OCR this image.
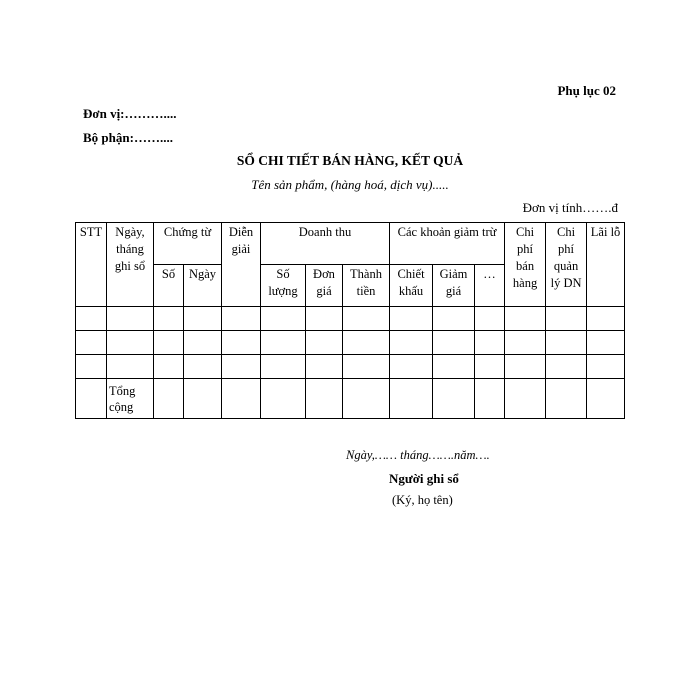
Phụ lục 02
Đơn vị:………....
Bộ phận:……....
SỔ CHI TIẾT BÁN HÀNG, KẾT QUẢ
Tên sản phẩm, (hàng hoá, dịch vụ).....
Đơn vị tính…….đ
STT	Ngày, tháng ghi sổ	Chứng từ		Diễn giải	Doanh thu			Các khoản giảm trừ			Chi phí bán hàng	Chi phí quản lý DN	Lãi lỗ
		Số	Ngày		Số lượng	Đơn giá	Thành tiền	Chiết khấu	Giảm giá	…			

	Tổng cộng												
Ngày,…… tháng…….năm….
Người ghi sổ
(Ký, họ tên)
